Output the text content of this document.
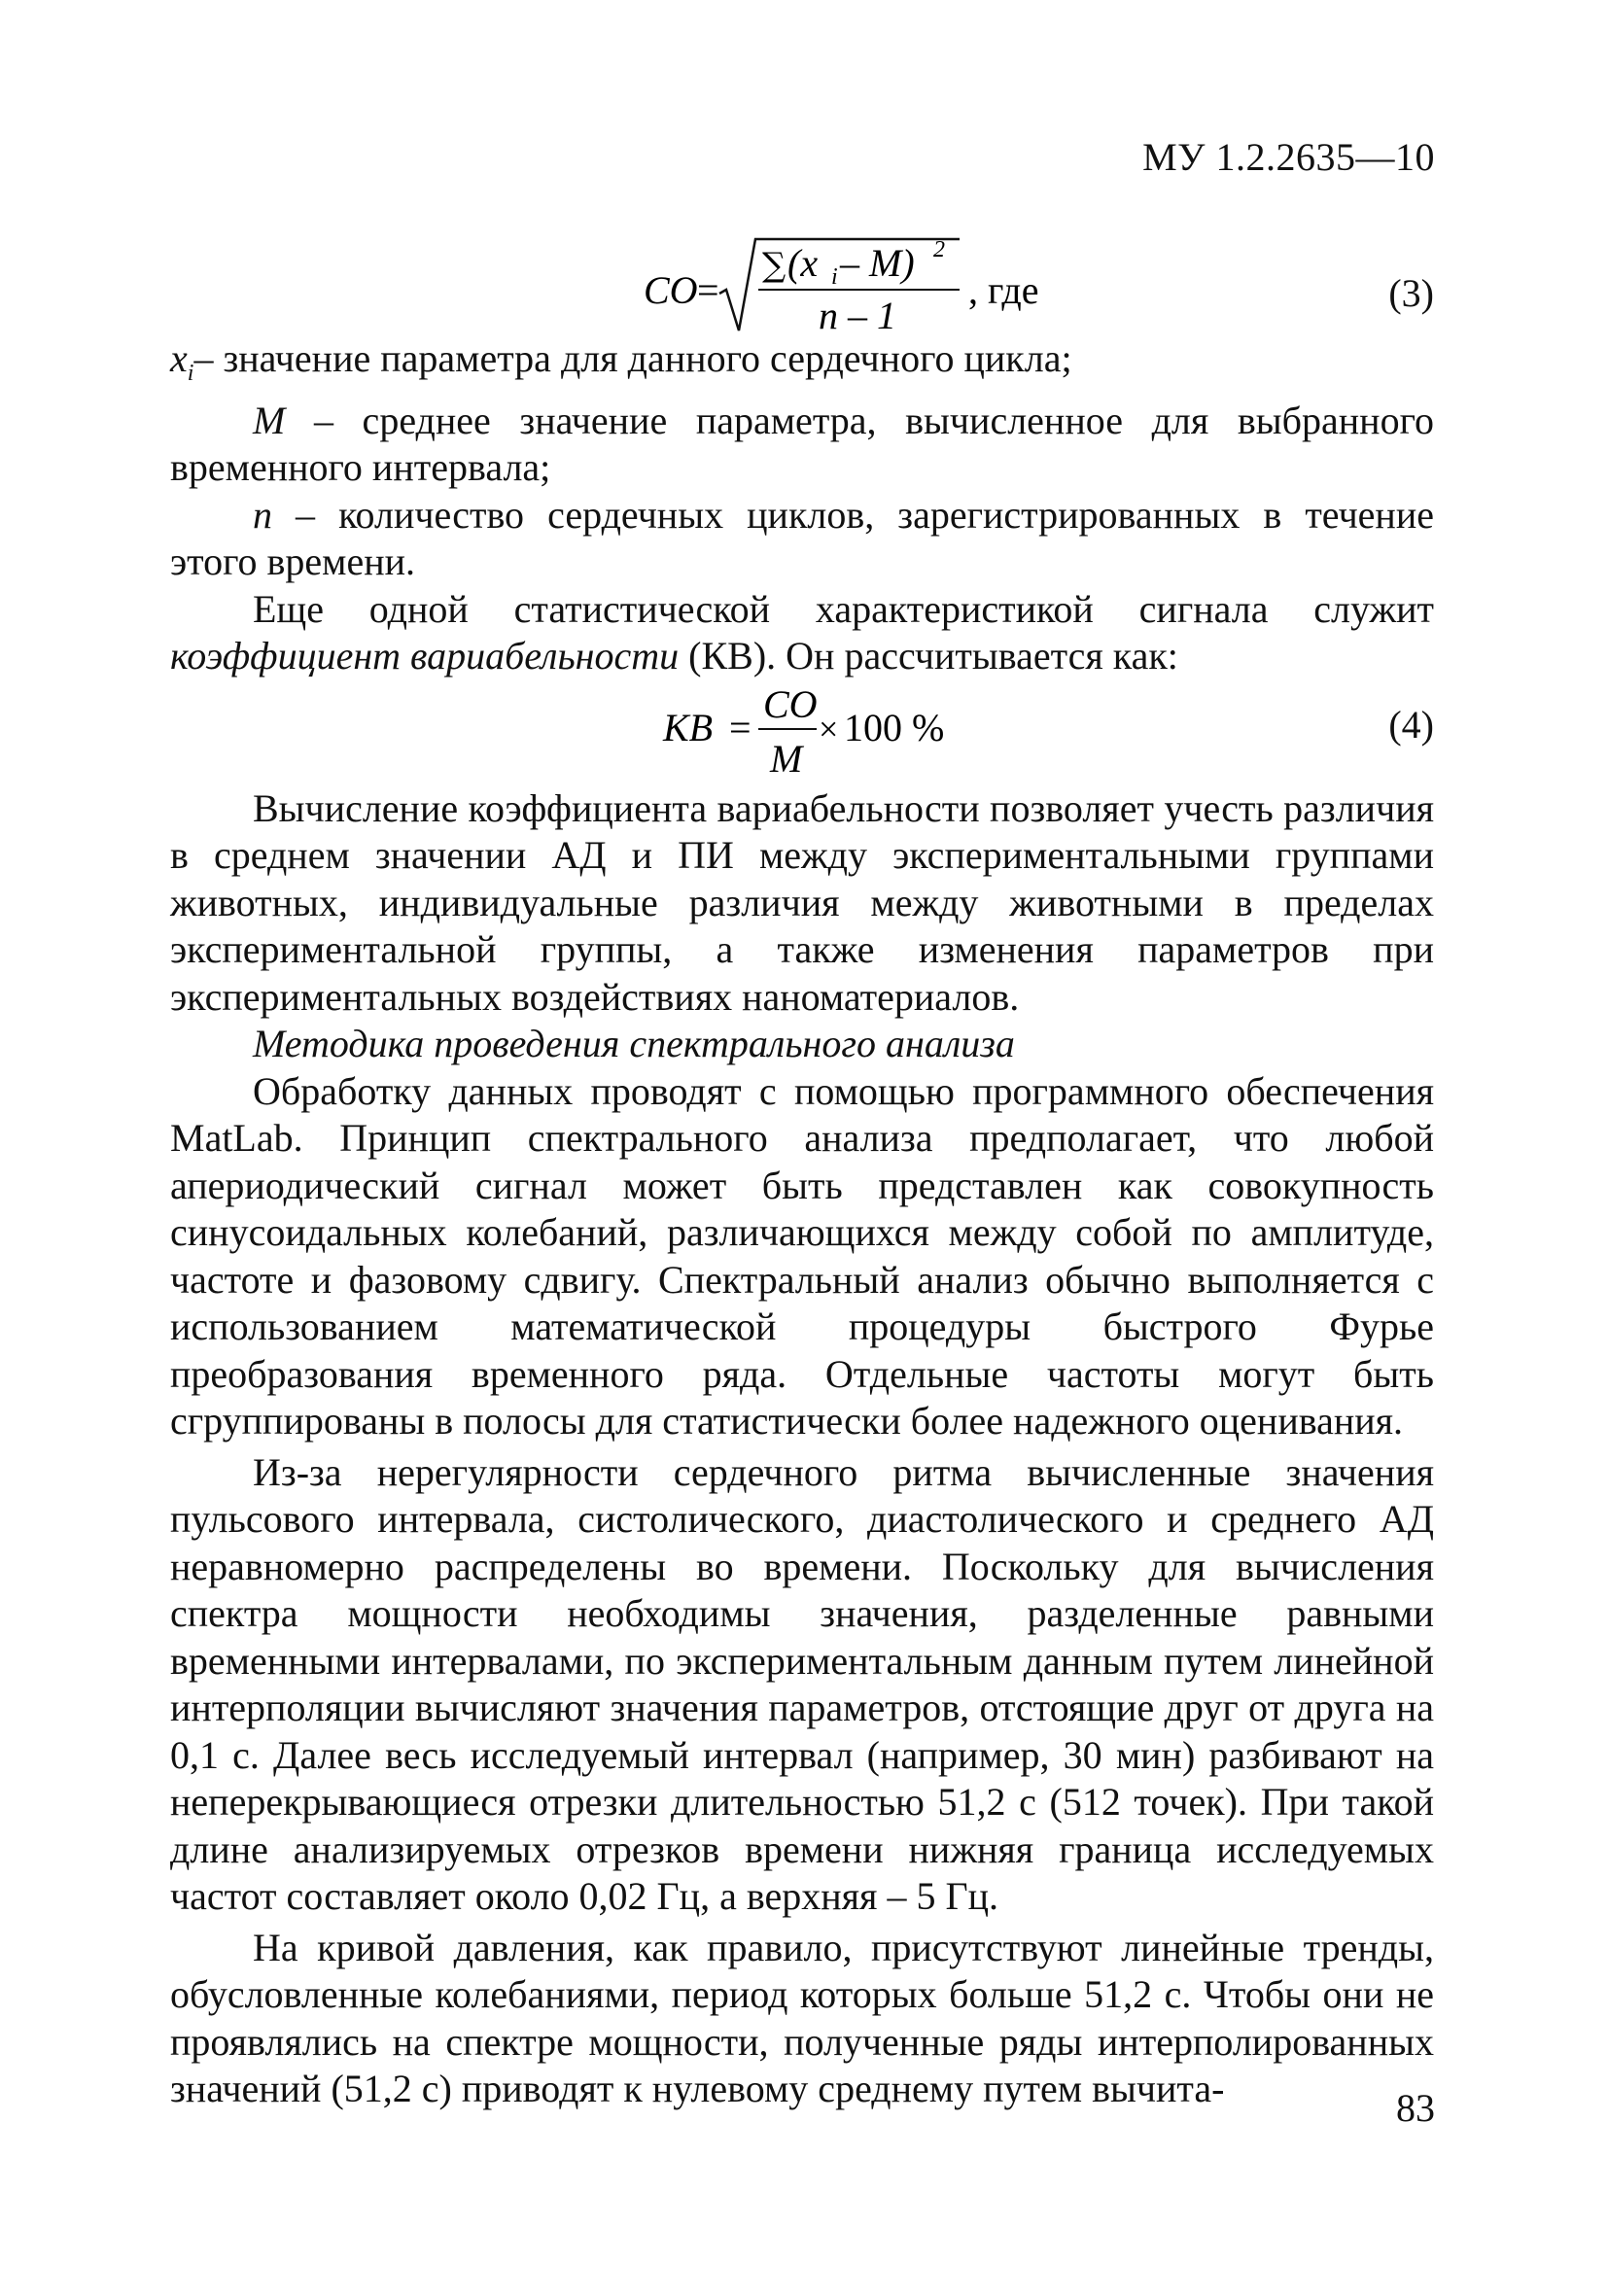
МУ 1.2.2635—10
CO =
∑ (x i – M) 2
n – 1
, где	(3)

$x_i-$ значение параметра для данного сердечного цикла;

M – среднее значение параметра, вычисленное для выбранного временного интервала;

n – количество сердечных циклов, зарегистрированных в течение этого времени.

Еще одной статистической характеристикой сигнала служит коэффициент вариабельности (КВ). Он рассчитывается как:

KB =
CO
M
× 100 %	(4)

Вычисление коэффициента вариабельности позволяет учесть различия в среднем значении АД и ПИ между экспериментальными группами животных, индивидуальные различия между животными в пределах экспериментальной группы, а также изменения параметров при экспериментальных воздействиях наноматериалов.

Методика проведения спектрального анализа

Обработку данных проводят с помощью программного обеспечения MatLab. Принцип спектрального анализа предполагает, что любой апериодический сигнал может быть представлен как совокупность синусоидальных колебаний, различающихся между собой по амплитуде, частоте и фазовому сдвигу. Спектральный анализ обычно выполняется с использованием математической процедуры быстрого Фурье преобразования временного ряда. Отдельные частоты могут быть сгруппированы в полосы для статистически более надежного оценивания.

Из-за нерегулярности сердечного ритма вычисленные значения пульсового интервала, систолического, диастолического и среднего АД неравномерно распределены во времени. Поскольку для вычисления спектра мощности необходимы значения, разделенные равными временными интервалами, по экспериментальным данным путем линейной интерполяции вычисляют значения параметров, отстоящие друг от друга на 0,1 с. Далее весь исследуемый интервал (например, 30 мин) разбивают на неперекрывающиеся отрезки длительностью 51,2 с (512 точек). При такой длине анализируемых отрезков времени нижняя граница исследуемых частот составляет около 0,02 Гц, а верхняя – 5 Гц.

На кривой давления, как правило, присутствуют линейные тренды, обусловленные колебаниями, период которых больше 51,2 с. Чтобы они не проявлялись на спектре мощности, полученные ряды интерполированных значений (51,2 с) приводят к нулевому среднему путем вычита-	83
